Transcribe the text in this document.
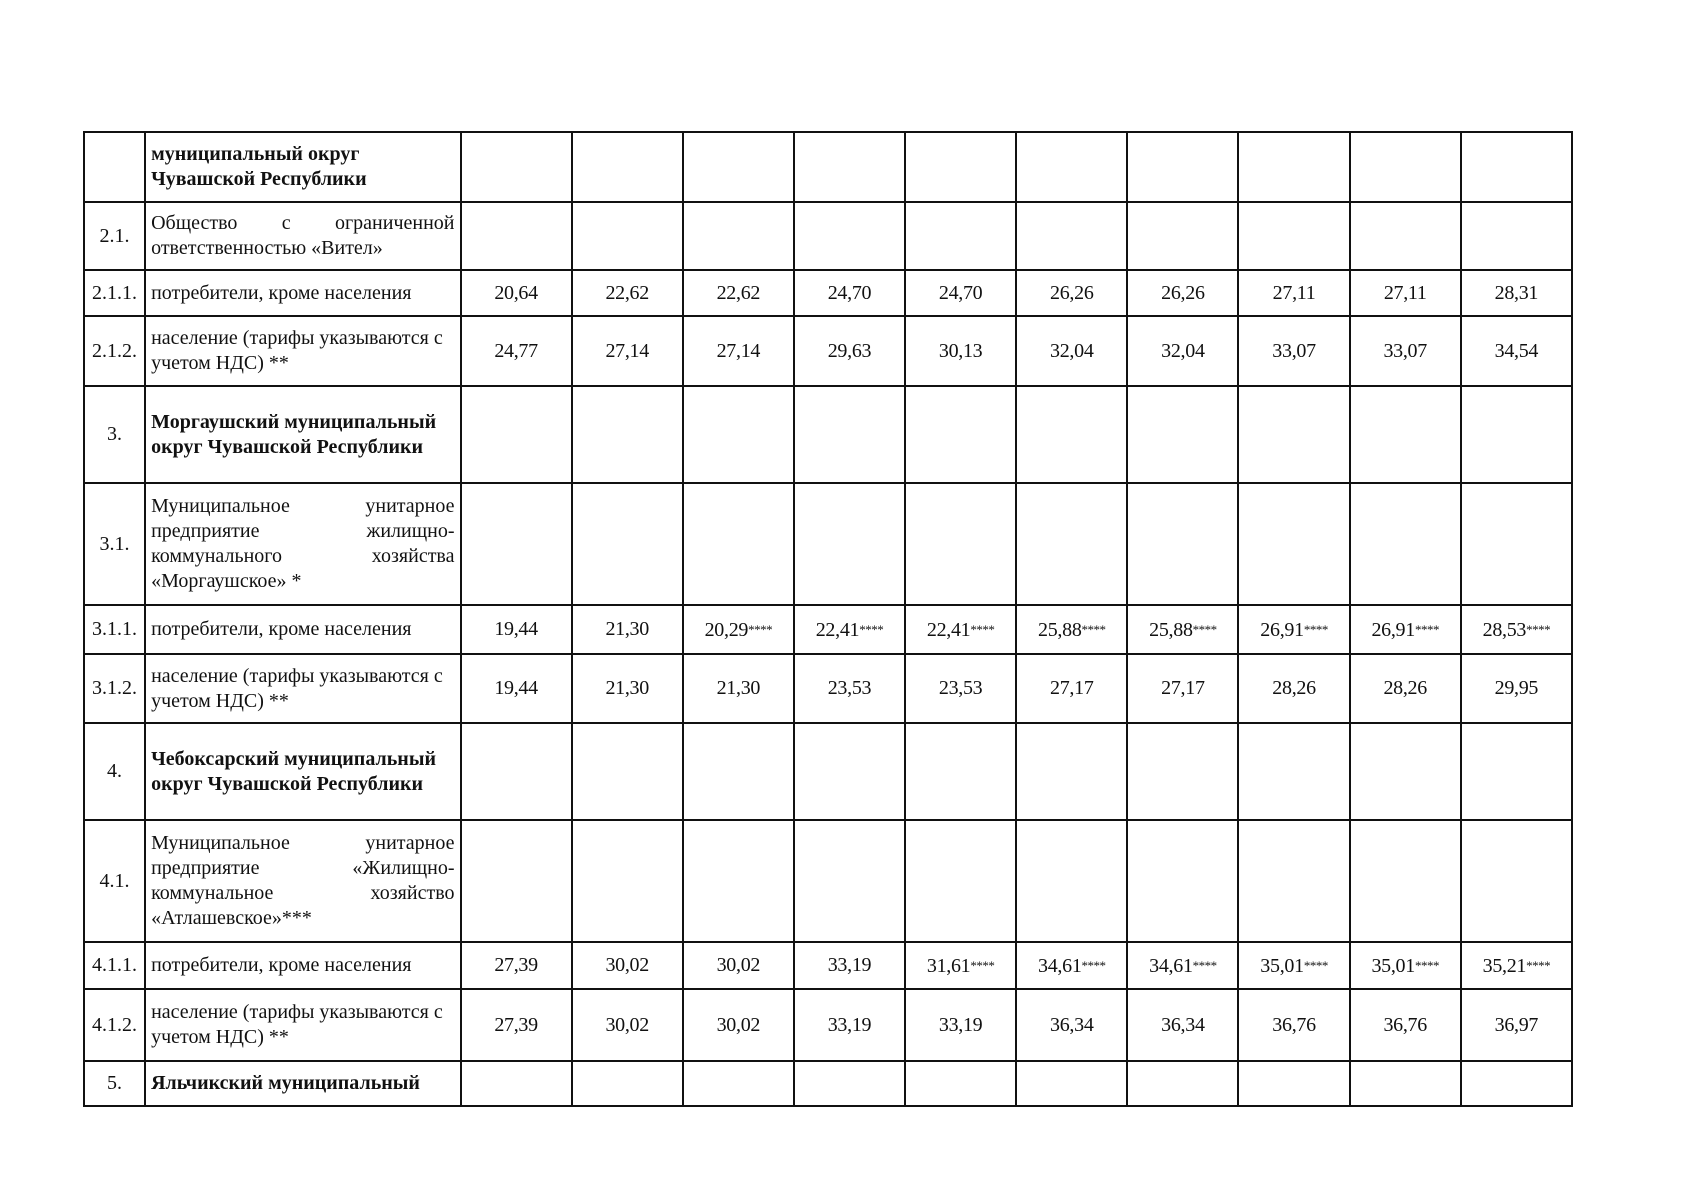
	муниципальный округ Чувашской Республики										
2.1.	Общество с ограниченной ответственностью «Вител»										
2.1.1.	потребители, кроме населения	20,64	22,62	22,62	24,70	24,70	26,26	26,26	27,11	27,11	28,31
2.1.2.	население (тарифы указываются с учетом НДС) **	24,77	27,14	27,14	29,63	30,13	32,04	32,04	33,07	33,07	34,54
3.	Моргаушский муниципальный округ Чувашской Республики										
3.1.	Муниципальное унитарное предприятие жилищно-коммунального хозяйства «Моргаушское» *										
3.1.1.	потребители, кроме населения	19,44	21,30	20,29****	22,41****	22,41****	25,88****	25,88****	26,91****	26,91****	28,53****
3.1.2.	население (тарифы указываются с учетом НДС) **	19,44	21,30	21,30	23,53	23,53	27,17	27,17	28,26	28,26	29,95
4.	Чебоксарский муниципальный округ Чувашской Республики										
4.1.	Муниципальное унитарное предприятие «Жилищно-коммунальное хозяйство «Атлашевское»***										
4.1.1.	потребители, кроме населения	27,39	30,02	30,02	33,19	31,61****	34,61****	34,61****	35,01****	35,01****	35,21****
4.1.2.	население (тарифы указываются с учетом НДС) **	27,39	30,02	30,02	33,19	33,19	36,34	36,34	36,76	36,76	36,97
5.	Яльчикский муниципальный										
